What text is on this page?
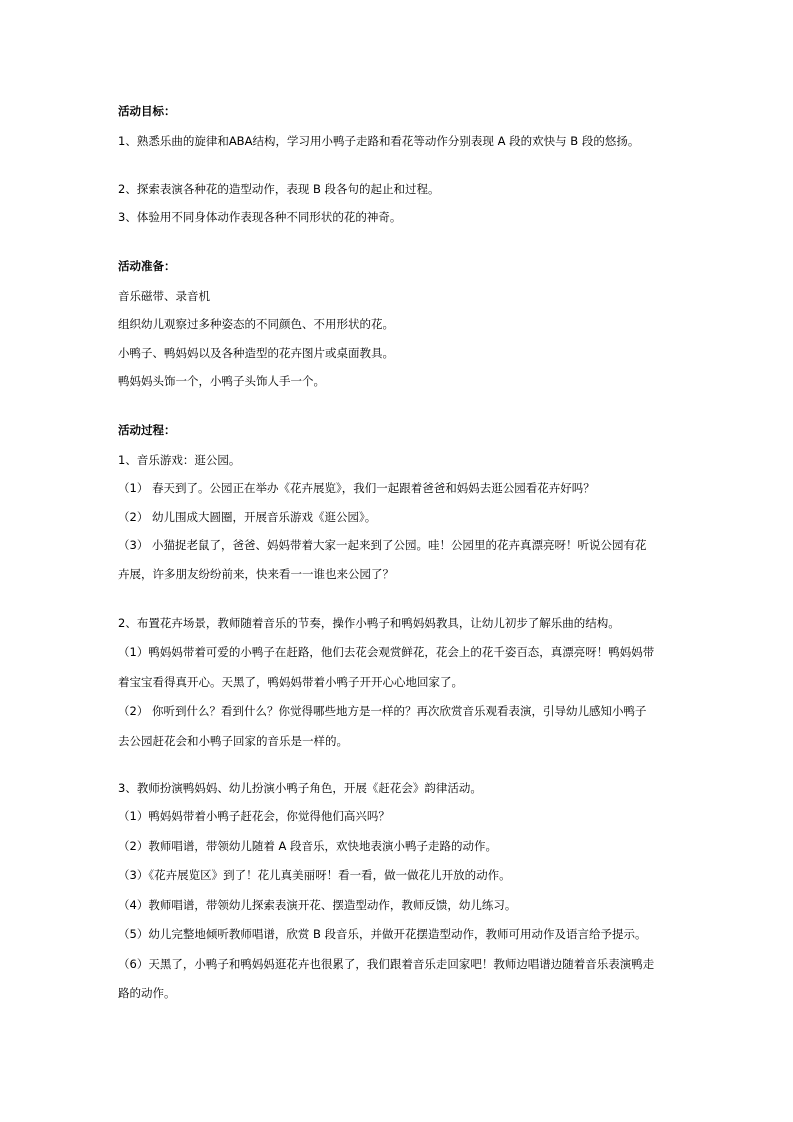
活动目标：

1、熟悉乐曲的旋律和ABA结构，学习用小鸭子走路和看花等动作分别表现 A 段的欢快与 B 段的悠扬。

2、探索表演各种花的造型动作，表现 B 段各句的起止和过程。

3、体验用不同身体动作表现各种不同形状的花的神奇。

活动准备：

音乐磁带、录音机

组织幼儿观察过多种姿态的不同颜色、不用形状的花。

小鸭子、鸭妈妈以及各种造型的花卉图片或桌面教具。

鸭妈妈头饰一个，小鸭子头饰人手一个。

活动过程：

1、音乐游戏：逛公园。

（1） 春天到了。公园正在举办《花卉展览》，我们一起跟着爸爸和妈妈去逛公园看花卉好吗？

（2） 幼儿围成大圆圈，开展音乐游戏《逛公园》。

（3） 小猫捉老鼠了，爸爸、妈妈带着大家一起来到了公园。哇！公园里的花卉真漂亮呀！听说公园有花

卉展，许多朋友纷纷前来，快来看一一谁也来公园了？

2、布置花卉场景，教师随着音乐的节奏，操作小鸭子和鸭妈妈教具，让幼儿初步了解乐曲的结构。

（1）鸭妈妈带着可爱的小鸭子在赶路，他们去花会观赏鲜花，花会上的花千姿百态，真漂亮呀！鸭妈妈带

着宝宝看得真开心。天黑了，鸭妈妈带着小鸭子开开心心地回家了。

（2） 你听到什么？看到什么？你觉得哪些地方是一样的？再次欣赏音乐观看表演，引导幼儿感知小鸭子

去公园赶花会和小鸭子回家的音乐是一样的。

3、教师扮演鸭妈妈、幼儿扮演小鸭子角色，开展《赶花会》韵律活动。

（1）鸭妈妈带着小鸭子赶花会，你觉得他们高兴吗？

（2）教师唱谱，带领幼儿随着 A 段音乐，欢快地表演小鸭子走路的动作。

（3）《花卉展览区》到了！花儿真美丽呀！看一看，做一做花儿开放的动作。

（4）教师唱谱，带领幼儿探索表演开花、摆造型动作，教师反馈，幼儿练习。

（5）幼儿完整地倾听教师唱谱，欣赏 B 段音乐，并做开花摆造型动作，教师可用动作及语言给予提示。

（6）天黑了，小鸭子和鸭妈妈逛花卉也很累了，我们跟着音乐走回家吧！教师边唱谱边随着音乐表演鸭走

路的动作。
